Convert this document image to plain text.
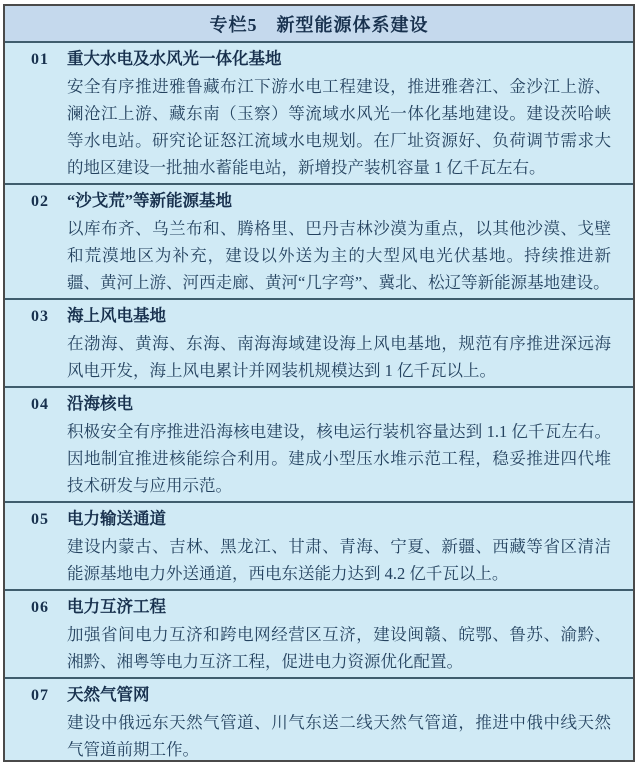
专栏5　新型能源体系建设
01	重大水电及水风光一体化基地
安全有序推进雅鲁藏布江下游水电工程建设，推进雅砻江、金沙江上游、澜沧江上游、藏东南（玉察）等流域水风光一体化基地建设。建设茨哈峡等水电站。研究论证怒江流域水电规划。在厂址资源好、负荷调节需求大的地区建设一批抽水蓄能电站，新增投产装机容量 1 亿千瓦左右。
02	“沙戈荒”等新能源基地
以库布齐、乌兰布和、腾格里、巴丹吉林沙漠为重点，以其他沙漠、戈壁和荒漠地区为补充，建设以外送为主的大型风电光伏基地。持续推进新疆、黄河上游、河西走廊、黄河“几字弯”、冀北、松辽等新能源基地建设。
03	海上风电基地
在渤海、黄海、东海、南海海域建设海上风电基地，规范有序推进深远海风电开发，海上风电累计并网装机规模达到 1 亿千瓦以上。
04	沿海核电
积极安全有序推进沿海核电建设，核电运行装机容量达到 1.1 亿千瓦左右。因地制宜推进核能综合利用。建成小型压水堆示范工程，稳妥推进四代堆技术研发与应用示范。
05	电力输送通道
建设内蒙古、吉林、黑龙江、甘肃、青海、宁夏、新疆、西藏等省区清洁能源基地电力外送通道，西电东送能力达到 4.2 亿千瓦以上。
06	电力互济工程
加强省间电力互济和跨电网经营区互济，建设闽赣、皖鄂、鲁苏、渝黔、湘黔、湘粤等电力互济工程，促进电力资源优化配置。
07	天然气管网
建设中俄远东天然气管道、川气东送二线天然气管道，推进中俄中线天然气管道前期工作。
